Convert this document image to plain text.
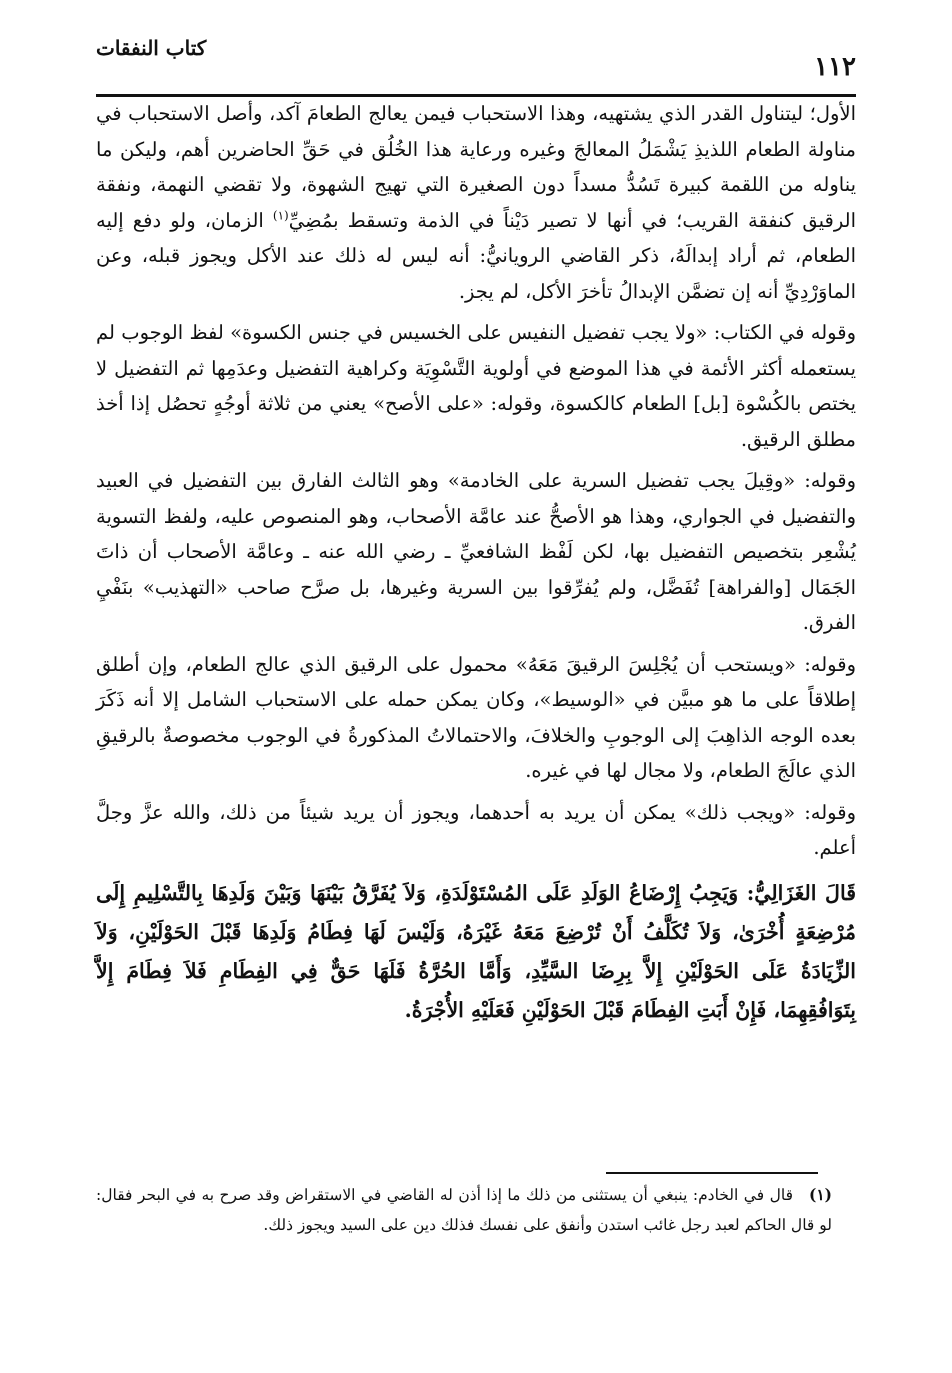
كتاب النفقات
١١٢

الأول؛ ليتناول القدر الذي يشتهيه، وهذا الاستحباب فيمن يعالج الطعامَ آكد، وأصل الاستحباب في مناولة الطعام اللذيذِ يَشْمَلُ المعالجَ وغيره ورعاية هذا الخُلُق في حَقِّ الحاضرين أهم، وليكن ما يناوله من اللقمة كبيرة تَسُدُّ مسداً دون الصغيرة التي تهيج الشهوة، ولا تقضي النهمة، ونفقة الرقيق كنفقة القريب؛ في أنها لا تصير دَيْناً في الذمة وتسقط بمُضِيِّ$^{(١)}$ الزمان، ولو دفع إليه الطعام، ثم أراد إبدالَهُ، ذكر القاضي الرويانيُّ: أنه ليس له ذلك عند الأكل ويجوز قبله، وعن الماوَرْدِيِّ أنه إن تضمَّن الإبدالُ تأخرَ الأكل، لم يجز.

وقوله في الكتاب: «ولا يجب تفضيل النفيس على الخسيس في جنس الكسوة» لفظ الوجوب لم يستعمله أكثر الأئمة في هذا الموضع في أولوية التَّسْوِيَة وكراهية التفضيل وعدَمِها ثم التفضيل لا يختص بالكُسْوة [بل] الطعام كالكسوة، وقوله: «على الأصح» يعني من ثلاثة أوجُهٍ تحصُل إذا أخذ مطلق الرقيق.

وقوله: «وقِيلَ يجب تفضيل السرية على الخادمة» وهو الثالث الفارق بين التفضيل في العبيد والتفضيل في الجواري، وهذا هو الأصحُّ عند عامَّة الأصحاب، وهو المنصوص عليه، ولفظ التسوية يُشْعِر بتخصيص التفضيل بها، لكن لَفْظ الشافعيِّ ـ رضي الله عنه ـ وعامَّة الأصحاب أن ذاتَ الجَمَال [والفراهة] تُفَضَّل، ولم يُفرِّقوا بين السرية وغيرها، بل صرَّح صاحب «التهذيب» بنَفْيِ الفرق.

وقوله: «ويستحب أن يُجْلِسَ الرقيقَ مَعَهُ» محمول على الرقيق الذي عالج الطعام، وإن أطلق إطلاقاً على ما هو مبيَّن في «الوسيط»، وكان يمكن حمله على الاستحباب الشامل إلا أنه ذَكَرَ بعده الوجه الذاهِبَ إلى الوجوبِ والخلافَ، والاحتمالاتُ المذكورةُ في الوجوب مخصوصةٌ بالرقيقِ الذي عالَجَ الطعام، ولا مجال لها في غيره.

وقوله: «ويجب ذلك» يمكن أن يريد به أحدهما، ويجوز أن يريد شيئاً من ذلك، والله عزَّ وجلَّ أعلم.

قَالَ الغَزَالِيُّ: وَيَجِبُ إِرْضَاعُ الوَلَدِ عَلَى المُسْتَوْلَدَةِ، وَلاَ يُفَرَّقُ بَيْنَهَا وَبَيْنَ وَلَدِهَا بِالتَّسْلِيمِ إِلَى مُرْضِعَةٍ أُخْرَىٰ، وَلاَ تُكَلَّفُ أَنْ تُرْضِعَ مَعَهُ غَيْرَهُ، وَلَيْسَ لَهَا فِطَامُ وَلَدِهَا قَبْلَ الحَوْلَيْنِ، وَلاَ الزِّيَادَةُ عَلَى الحَوْلَيْنِ إِلاَّ بِرِضَا السَّيِّدِ، وَأَمَّا الحُرَّةُ فَلَهَا حَقٌّ فِي الفِطَامِ فَلاَ فِطَامَ إِلاَّ بِتَوَافُقِهِمَا، فَإِنْ أَبَتِ الفِطَامَ قَبْلَ الحَوْلَيْنِ فَعَلَيْهِ الأُجْرَةُ.

(١)قال في الخادم: ينبغي أن يستثنى من ذلك ما إذا أذن له القاضي في الاستقراض وقد صرح به في البحر فقال: لو قال الحاكم لعبد رجل غائب استدن وأنفق على نفسك فذلك دين على السيد ويجوز ذلك.
